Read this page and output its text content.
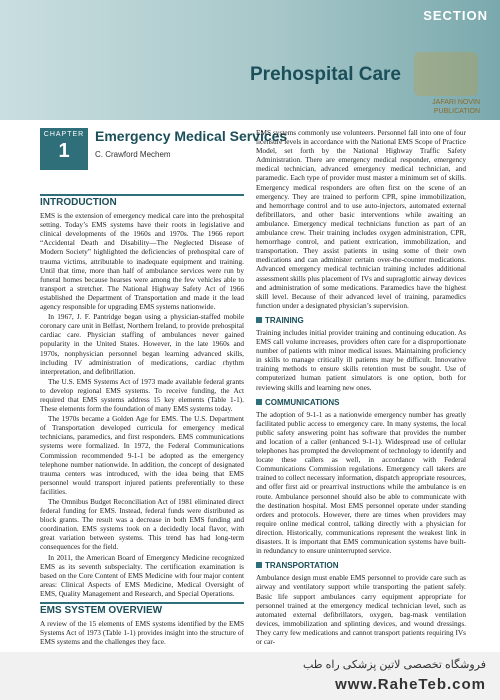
SECTION
Prehospital Care
JAFARI NOVIN
PUBLICATION
CHAPTER
1
Emergency Medical Services
C. Crawford Mechem
INTRODUCTION

EMS is the extension of emergency medical care into the prehospital setting. Today’s EMS systems have their roots in legislative and clinical developments of the 1960s and 1970s. The 1966 report “Accidental Death and Disability—The Neglected Disease of Modern Society” highlighted the deficiencies of prehospital care of trauma victims, attributable to inadequate equipment and training. Until that time, more than half of ambulance services were run by funeral homes because hearses were among the few vehicles able to transport a stretcher. The National Highway Safety Act of 1966 established the Department of Transportation and made it the lead agency responsible for upgrading EMS systems nationwide.

In 1967, J. F. Pantridge began using a physician-staffed mobile coronary care unit in Belfast, Northern Ireland, to provide prehospital cardiac care. Physician staffing of ambulances never gained popularity in the United States. However, in the late 1960s and 1970s, nonphysician personnel began learning advanced skills, including IV administration of medications, cardiac rhythm interpretation, and defibrillation.

The U.S. EMS Systems Act of 1973 made available federal grants to develop regional EMS systems. To receive funding, the Act required that EMS systems address 15 key elements (Table 1-1). These elements form the foundation of many EMS systems today.

The 1970s became a Golden Age for EMS. The U.S. Department of Transportation developed curricula for emergency medical technicians, paramedics, and first responders. EMS communications systems were formalized. In 1972, the Federal Communications Commission recommended 9-1-1 be adopted as the emergency telephone number nationwide. In addition, the concept of designated trauma centers was introduced, with the idea being that EMS personnel would transport injured patients preferentially to these facilities.

The Omnibus Budget Reconciliation Act of 1981 eliminated direct federal funding for EMS. Instead, federal funds were distributed as block grants. The result was a decrease in both EMS funding and coordination. EMS systems took on a decidedly local flavor, with great variation between systems. This trend has had long-term consequences for the field.

In 2011, the American Board of Emergency Medicine recognized EMS as its seventh subspecialty. The certification examination is based on the Core Content of EMS Medicine with four major content areas: Clinical Aspects of EMS Medicine, Medical Oversight of EMS, Quality Management and Research, and Special Operations.

EMS SYSTEM OVERVIEW

A review of the 15 elements of EMS systems identified by the EMS Systems Act of 1973 (Table 1-1) provides insight into the structure of EMS systems and the challenges they face.

EMS systems commonly use volunteers. Personnel fall into one of four licensure levels in accordance with the National EMS Scope of Practice Model, set forth by the National Highway Traffic Safety Administration. There are emergency medical responder, emergency medical technician, advanced emergency medical technician, and paramedic. Each type of provider must master a minimum set of skills. Emergency medical responders are often first on the scene of an emergency. They are trained to perform CPR, spine immobilization, and hemorrhage control and to use auto-injectors, automated external defibrillators, and other basic interventions while awaiting an ambulance. Emergency medical technicians function as part of an ambulance crew. Their training includes oxygen administration, CPR, hemorrhage control, and patient extrication, immobilization, and transportation. They assist patients in using some of their own medications and can administer certain over-the-counter medications. Advanced emergency medical technician training includes additional assessment skills plus placement of IVs and supraglottic airway devices and administration of some medications. Paramedics have the highest skill level. Because of their advanced level of training, paramedics function under a designated physician’s supervision.

TRAINING

Training includes initial provider training and continuing education. As EMS call volume increases, providers often care for a disproportionate number of patients with minor medical issues. Maintaining proficiency in skills to manage critically ill patients may be difficult. Innovative training methods to ensure skills retention must be sought. Use of computerized human patient simulators is one option, both for reviewing skills and learning new ones.

COMMUNICATIONS

The adoption of 9-1-1 as a nationwide emergency number has greatly facilitated public access to emergency care. In many systems, the local public safety answering point has software that provides the number and location of a caller (enhanced 9-1-1). Widespread use of cellular telephones has prompted the development of technology to identify and locate these callers as well, in accordance with Federal Communications Commission regulations. Emergency call takers are trained to collect necessary information, dispatch appropriate resources, and offer first aid or prearrival instructions while the ambulance is en route. Ambulance personnel should also be able to communicate with the destination hospital. Most EMS personnel operate under standing orders and protocols. However, there are times when providers may require online medical control, talking directly with a physician for direction. Historically, communications represent the weakest link in disasters. It is important that EMS communication systems have built-in redundancy to ensure uninterrupted service.

TRANSPORTATION

Ambulance design must enable EMS personnel to provide care such as airway and ventilatory support while transporting the patient safely. Basic life support ambulances carry equipment appropriate for personnel trained at the emergency medical technician level, such as automated external defibrillators, oxygen, bag-mask ventilation devices, immobilization and splinting devices, and wound dressings. They carry few medications and cannot transport patients requiring IVs or car-

فروشگاه تخصصی لاتین پزشکی راه طب
www.RaheTeb.com
